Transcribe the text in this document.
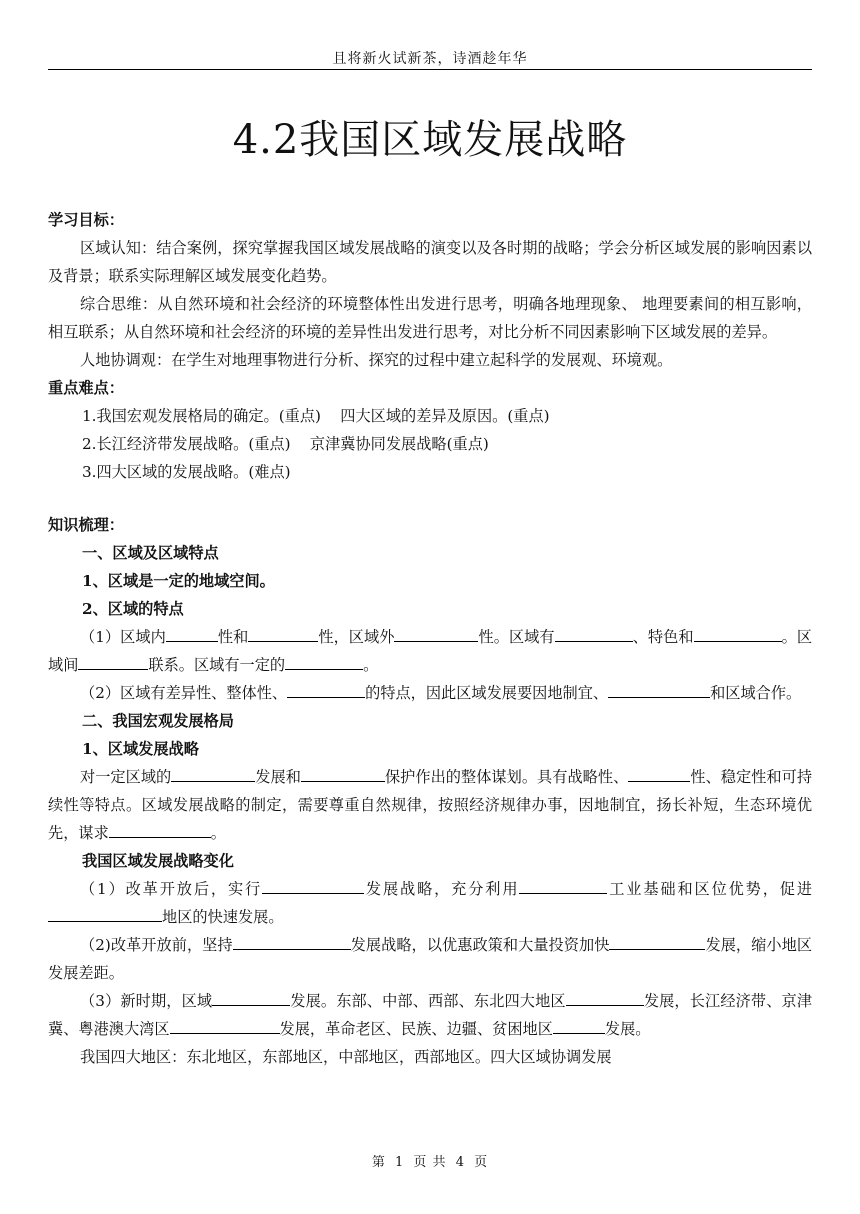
且将新火试新茶，诗酒趁年华
4.2我国区域发展战略

学习目标：

区域认知：结合案例，探究掌握我国区域发展战略的演变以及各时期的战略；学会分析区域发展的影响因素以及背景；联系实际理解区域发展变化趋势。

综合思维：从自然环境和社会经济的环境整体性出发进行思考，明确各地理现象、 地理要素间的相互影响，相互联系；从自然环境和社会经济的环境的差异性出发进行思考，对比分析不同因素影响下区域发展的差异。

人地协调观：在学生对地理事物进行分析、探究的过程中建立起科学的发展观、环境观。

重点难点：

1.我国宏观发展格局的确定。(重点)    四大区域的差异及原因。(重点)

2.长江经济带发展战略。(重点)    京津冀协同发展战略(重点)

3.四大区域的发展战略。(难点)

知识梳理：

一、区域及区域特点

1、区域是一定的地域空间。

2、区域的特点

（1）区域内	性和	性，区域外	性。区域有	、特色和	。区域间	联系。区域有一定的	。

（2）区域有差异性、整体性、	的特点，因此区域发展要因地制宜、	和区域合作。

二、我国宏观发展格局

1、区域发展战略

对一定区域的	发展和	保护作出的整体谋划。具有战略性、	性、稳定性和可持续性等特点。区域发展战略的制定，需要尊重自然规律，按照经济规律办事，因地制宜，扬长补短，生态环境优先，谋求	。

我国区域发展战略变化

（1）改革开放后，实行	发展战略，充分利用	工业基础和区位优势，促进地区的快速发展。

（2)改革开放前，坚持	发展战略，以优惠政策和大量投资加快	发展，缩小地区发展差距。

（3）新时期，区域	发展。东部、中部、西部、东北四大地区	发展，长江经济带、京津冀、粤港澳大湾区	发展，革命老区、民族、边疆、贫困地区	发展。

我国四大地区：东北地区，东部地区，中部地区，西部地区。四大区域协调发展

第 1 页 共 4 页
